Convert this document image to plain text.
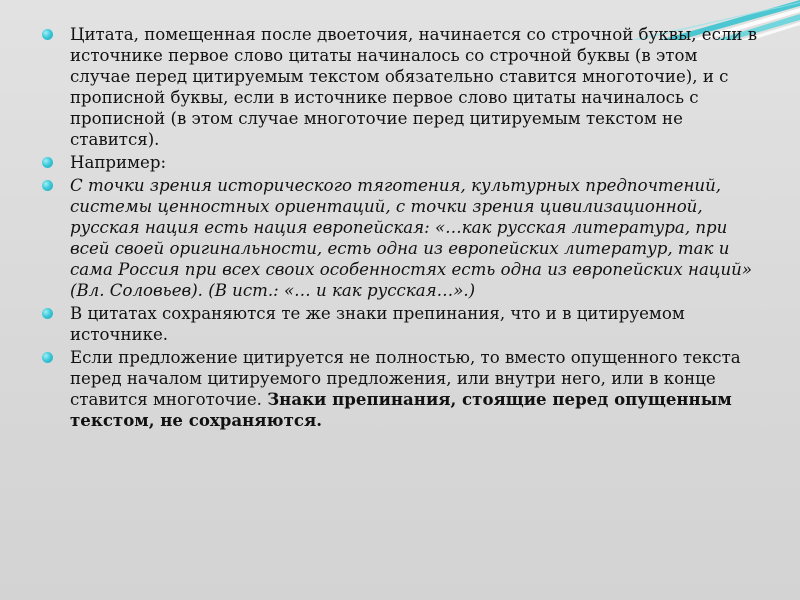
Цитата, помещенная после двоеточия, начинается со строчной буквы, если в источнике первое слово цитаты начиналось со строчной буквы (в этом случае перед цитируемым текстом обязательно ставится многоточие), и с прописной буквы, если в источнике первое слово цитаты начиналось с прописной (в этом случае многоточие перед цитируемым текстом не ставится).
Например:
С точки зрения исторического тяготения, культурных предпочтений, системы ценностных ориентаций, с точки зрения цивилизационной, русская нация есть нация европейская: «…как русская литература, при всей своей оригинальности, есть одна из европейских литератур, так и сама Россия при всех своих особенностях есть одна из европейских наций» (Вл. Соловьев). (В ист.: «… и как русская…».)
В цитатах сохраняются те же знаки препинания, что и в цитируемом источнике.
Если предложение цитируется не полностью, то вместо опущенного текста перед началом цитируемого предложения, или внутри него, или в конце ставится многоточие. Знаки препинания, стоящие перед опущенным текстом, не сохраняются.
